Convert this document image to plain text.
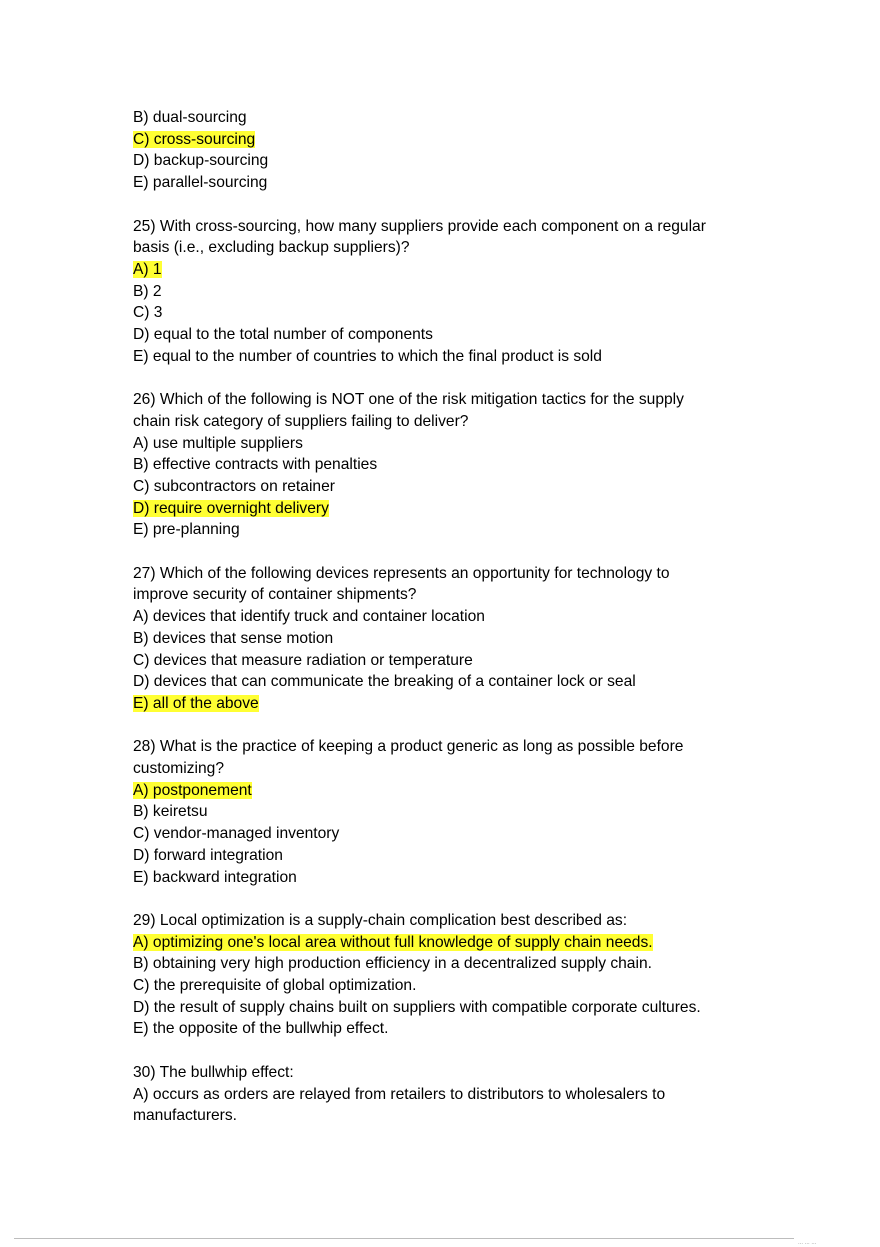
B) dual-sourcing
C) cross-sourcing
D) backup-sourcing
E) parallel-sourcing
25) With cross-sourcing, how many suppliers provide each component on a regular
basis (i.e., excluding backup suppliers)?
A) 1
B) 2
C) 3
D) equal to the total number of components
E) equal to the number of countries to which the final product is sold
26) Which of the following is NOT one of the risk mitigation tactics for the supply
chain risk category of suppliers failing to deliver?
A) use multiple suppliers
B) effective contracts with penalties
C) subcontractors on retainer
D) require overnight delivery
E) pre-planning
27) Which of the following devices represents an opportunity for technology to
improve security of container shipments?
A) devices that identify truck and container location
B) devices that sense motion
C) devices that measure radiation or temperature
D) devices that can communicate the breaking of a container lock or seal
E) all of the above
28) What is the practice of keeping a product generic as long as possible before
customizing?
A) postponement
B) keiretsu
C) vendor-managed inventory
D) forward integration
E) backward integration
29) Local optimization is a supply-chain complication best described as:
A) optimizing one's local area without full knowledge of supply chain needs.
B) obtaining very high production efficiency in a decentralized supply chain.
C) the prerequisite of global optimization.
D) the result of supply chains built on suppliers with compatible corporate cultures.
E) the opposite of the bullwhip effect.
30) The bullwhip effect:
A) occurs as orders are relayed from retailers to distributors to wholesalers to
manufacturers.
... ... ...
